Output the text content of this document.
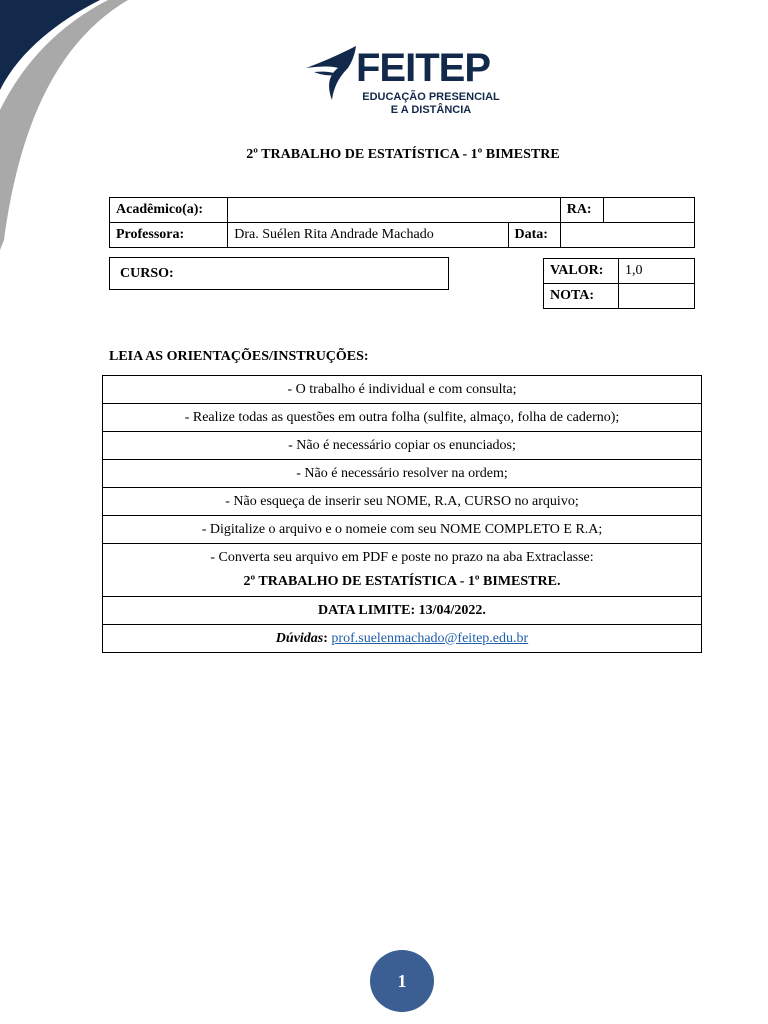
FEITEP
EDUCAÇÃO PRESENCIAL
E A DISTÂNCIA
2º TRABALHO DE ESTATÍSTICA - 1º BIMESTRE
Acadêmico(a):			RA:	
Professora:	Dra. Suélen Rita Andrade Machado	Data:		
CURSO:	VALOR:	1,0
NOTA:	
LEIA AS ORIENTAÇÕES/INSTRUÇÕES:
- O trabalho é individual e com consulta;
- Realize todas as questões em outra folha (sulfite, almaço, folha de caderno);
- Não é necessário copiar os enunciados;
- Não é necessário resolver na ordem;
- Não esqueça de inserir seu NOME, R.A, CURSO no arquivo;
- Digitalize o arquivo e o nomeie com seu NOME COMPLETO E R.A;

- Converta seu arquivo em PDF e poste no prazo na aba Extraclasse:
2º TRABALHO DE ESTATÍSTICA - 1º BIMESTRE.

DATA LIMITE: 13/04/2022.
Dúvidas: prof.suelenmachado@feitep.edu.br
1
